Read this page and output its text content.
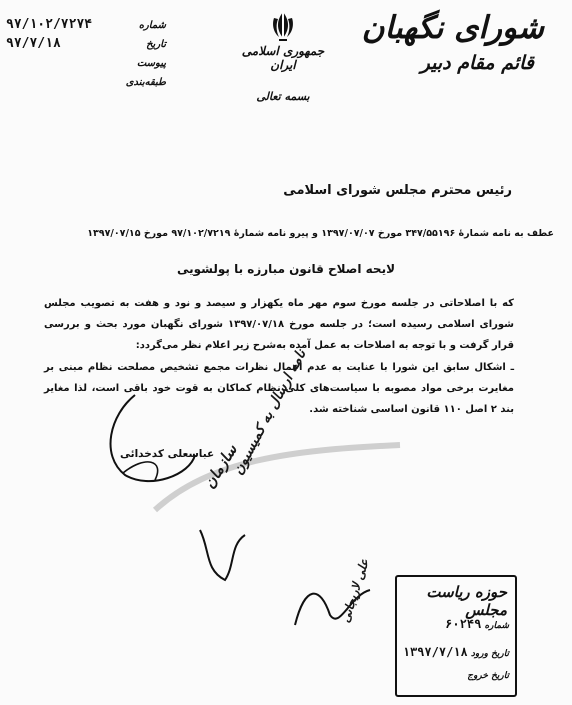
شورای نگهبان
قائم مقام دبیر
جمهوری اسلامی ایران
بسمه تعالی
شماره
۹۷/۱۰۲/۷۲۷۴
تاریخ
۹۷/۷/۱۸
پیوست
طبقه‌بندی
رئیس محترم مجلس شورای اسلامی
عطف به نامه شمارهٔ ۳۴۷/۵۵۱۹۶ مورخ ۱۳۹۷/۰۷/۰۷ و پیرو نامه شمارهٔ ۹۷/۱۰۲/۷۲۱۹ مورخ ۱۳۹۷/۰۷/۱۵
لایحه اصلاح قانون مبارزه با پولشویی
که با اصلاحاتی در جلسه مورخ سوم مهر ماه یکهزار و سیصد و نود و هفت به تصویب مجلس شورای اسلامی رسیده است؛ در جلسه مورخ ۱۳۹۷/۰۷/۱۸ شورای نگهبان مورد بحث و بررسی قرار گرفت و با توجه به اصلاحات به عمل آمده به‌شرح زیر اعلام نظر می‌گردد:
ـ اشکال سابق این شورا با عنایت به عدم اعمال نظرات مجمع تشخیص مصلحت نظام مبنی بر مغایرت برخی مواد مصوبه با سیاست‌های کلی نظام کماکان به قوت خود باقی است، لذا مغایر بند ۲ اصل ۱۱۰ قانون اساسی شناخته شد.
عباسعلی کدخدائی
سازمان
نامه ارسال به کمیسیون
علی لاریجانی	حوزه ریاست مجلس
شماره ۶۰۲۴۹
تاریخ ورود ۱۳۹۷/۷/۱۸
تاریخ خروج
